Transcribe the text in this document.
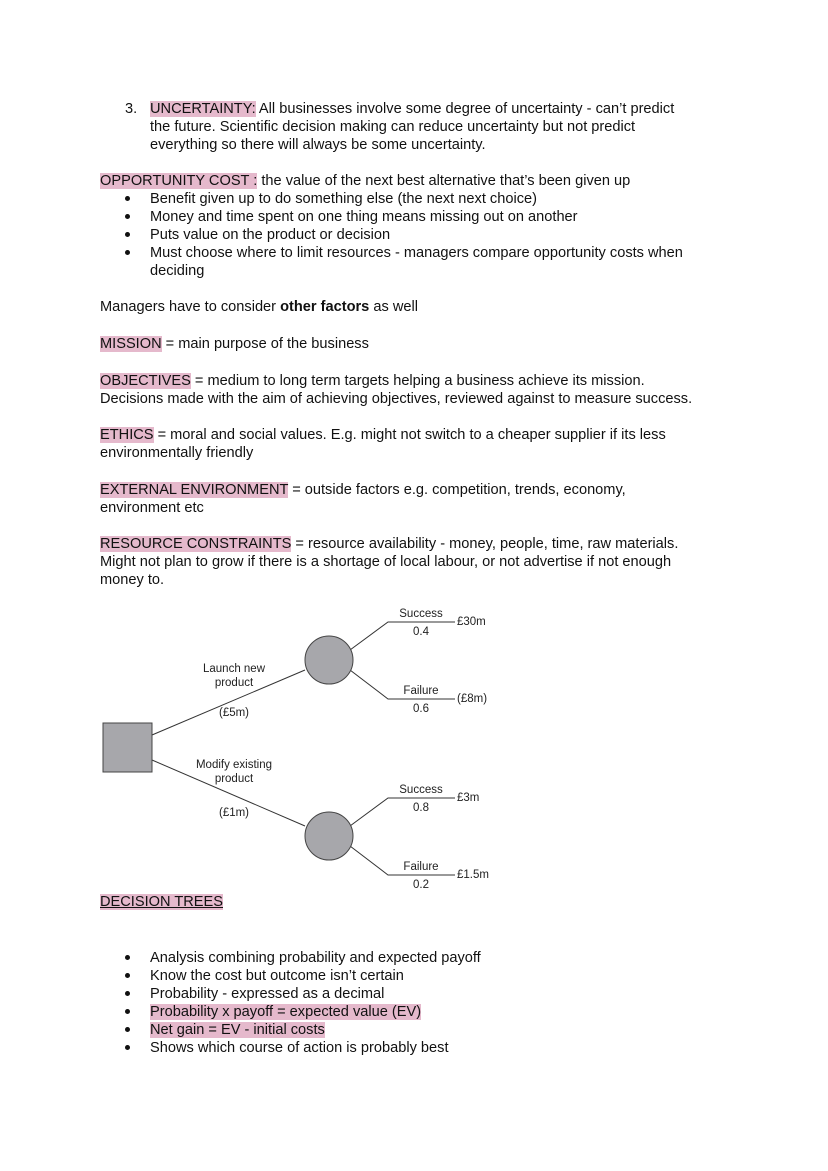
3. UNCERTAINTY: All businesses involve some degree of uncertainty - can’t predict
the future. Scientific decision making can reduce uncertainty but not predict
everything so there will always be some uncertainty.
OPPORTUNITY COST : the value of the next best alternative that’s been given up
Benefit given up to do something else (the next next choice)
Money and time spent on one thing means missing out on another
Puts value on the product or decision
Must choose where to limit resources - managers compare opportunity costs when
deciding
Managers have to consider other factors as well
MISSION = main purpose of the business
OBJECTIVES = medium to long term targets helping a business achieve its mission.
Decisions made with the aim of achieving objectives, reviewed against to measure success.
ETHICS = moral and social values. E.g. might not switch to a cheaper supplier if its less
environmentally friendly
EXTERNAL ENVIRONMENT = outside factors e.g. competition, trends, economy,
environment etc
RESOURCE CONSTRAINTS = resource availability - money, people, time, raw materials.
Might not plan to grow if there is a shortage of local labour, or not advertise if not enough
money to.
Launch new
product
(£5m)
Modify existing
product
(£1m)
Success
0.4
£30m
Failure
0.6
(£8m)
Success
0.8
£3m
Failure
0.2
£1.5m
DECISION TREES
Analysis combining probability and expected payoff
Know the cost but outcome isn’t certain
Probability - expressed as a decimal
Probability x payoff = expected value (EV)
Net gain = EV - initial costs
Shows which course of action is probably best
